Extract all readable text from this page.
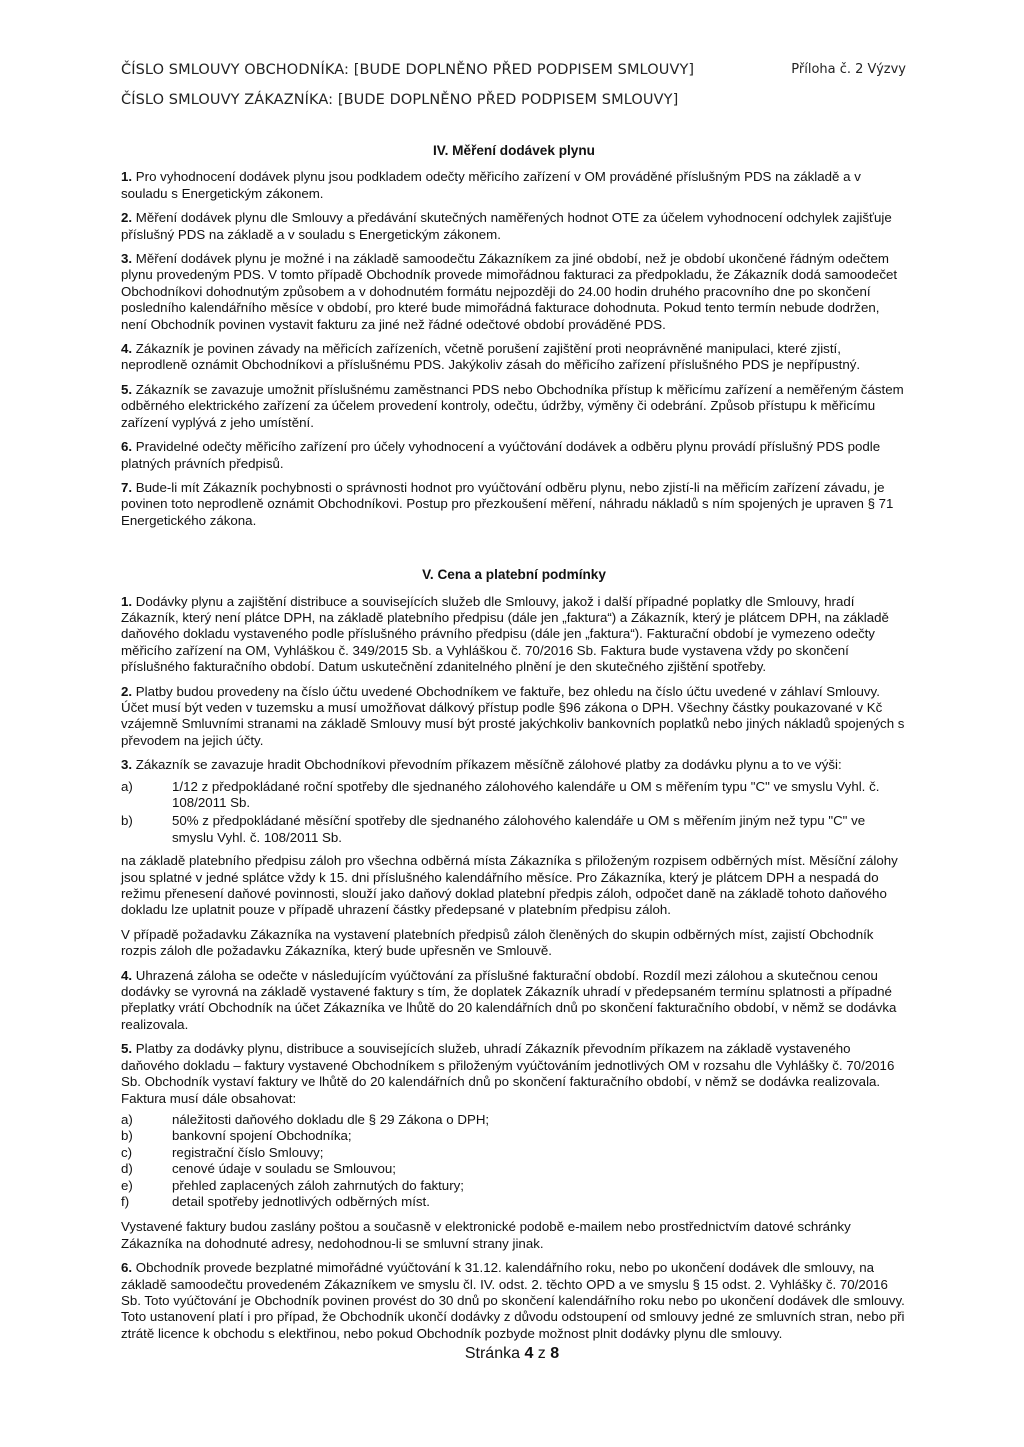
ČÍSLO SMLOUVY OBCHODNÍKA: [BUDE DOPLNĚNO PŘED PODPISEM SMLOUVY]
ČÍSLO SMLOUVY ZÁKAZNÍKA: [BUDE DOPLNĚNO PŘED PODPISEM SMLOUVY]
Příloha č. 2 Výzvy
IV. Měření dodávek plynu

1. Pro vyhodnocení dodávek plynu jsou podkladem odečty měřicího zařízení v OM prováděné příslušným PDS na základě a v souladu s Energetickým zákonem.

2. Měření dodávek plynu dle Smlouvy a předávání skutečných naměřených hodnot OTE za účelem vyhodnocení odchylek zajišťuje příslušný PDS na základě a v souladu s Energetickým zákonem.

3. Měření dodávek plynu je možné i na základě samoodečtu Zákazníkem za jiné období, než je období ukončené řádným odečtem plynu provedeným PDS. V tomto případě Obchodník provede mimořádnou fakturaci za předpokladu, že Zákazník dodá samoodečet Obchodníkovi dohodnutým způsobem a v dohodnutém formátu nejpozději do 24.00 hodin druhého pracovního dne po skončení posledního kalendářního měsíce v období, pro které bude mimořádná fakturace dohodnuta. Pokud tento termín nebude dodržen, není Obchodník povinen vystavit fakturu za jiné než řádné odečtové období prováděné PDS.

4. Zákazník je povinen závady na měřicích zařízeních, včetně porušení zajištění proti neoprávněné manipulaci, které zjistí, neprodleně oznámit Obchodníkovi a příslušnému PDS. Jakýkoliv zásah do měřicího zařízení příslušného PDS je nepřípustný.

5. Zákazník se zavazuje umožnit příslušnému zaměstnanci PDS nebo Obchodníka přístup k měřicímu zařízení a neměřeným částem odběrného elektrického zařízení za účelem provedení kontroly, odečtu, údržby, výměny či odebrání. Způsob přístupu k měřicímu zařízení vyplývá z jeho umístění.

6. Pravidelné odečty měřicího zařízení pro účely vyhodnocení a vyúčtování dodávek a odběru plynu provádí příslušný PDS podle platných právních předpisů.

7. Bude-li mít Zákazník pochybnosti o správnosti hodnot pro vyúčtování odběru plynu, nebo zjistí-li na měřicím zařízení závadu, je povinen toto neprodleně oznámit Obchodníkovi. Postup pro přezkoušení měření, náhradu nákladů s ním spojených je upraven § 71 Energetického zákona.

V. Cena a platební podmínky

1. Dodávky plynu a zajištění distribuce a souvisejících služeb dle Smlouvy, jakož i další případné poplatky dle Smlouvy, hradí Zákazník, který není plátce DPH, na základě platebního předpisu (dále jen „faktura“) a Zákazník, který je plátcem DPH, na základě daňového dokladu vystaveného podle příslušného právního předpisu (dále jen „faktura“). Fakturační období je vymezeno odečty měřicího zařízení na OM, Vyhláškou č. 349/2015 Sb. a Vyhláškou č. 70/2016 Sb. Faktura bude vystavena vždy po skončení příslušného fakturačního období. Datum uskutečnění zdanitelného plnění je den skutečného zjištění spotřeby.

2. Platby budou provedeny na číslo účtu uvedené Obchodníkem ve faktuře, bez ohledu na číslo účtu uvedené v záhlaví Smlouvy. Účet musí být veden v tuzemsku a musí umožňovat dálkový přístup podle §96 zákona o DPH. Všechny částky poukazované v Kč vzájemně Smluvními stranami na základě Smlouvy musí být prosté jakýchkoliv bankovních poplatků nebo jiných nákladů spojených s převodem na jejich účty.

3. Zákazník se zavazuje hradit Obchodníkovi převodním příkazem měsíčně zálohové platby za dodávku plynu a to ve výši:

a)	1/12 z předpokládané roční spotřeby dle sjednaného zálohového kalendáře u OM s měřením typu "C" ve smyslu Vyhl. č. 108/2011 Sb.
b)	50% z předpokládané měsíční spotřeby dle sjednaného zálohového kalendáře u OM s měřením jiným než typu "C" ve smyslu Vyhl. č. 108/2011 Sb.

na základě platebního předpisu záloh pro všechna odběrná místa Zákazníka s přiloženým rozpisem odběrných míst. Měsíční zálohy jsou splatné v jedné splátce vždy k 15. dni příslušného kalendářního měsíce. Pro Zákazníka, který je plátcem DPH a nespadá do režimu přenesení daňové povinnosti, slouží jako daňový doklad platební předpis záloh, odpočet daně na základě tohoto daňového dokladu lze uplatnit pouze v případě uhrazení částky předepsané v platebním předpisu záloh.

V případě požadavku Zákazníka na vystavení platebních předpisů záloh členěných do skupin odběrných míst, zajistí Obchodník rozpis záloh dle požadavku Zákazníka, který bude upřesněn ve Smlouvě.

4. Uhrazená záloha se odečte v následujícím vyúčtování za příslušné fakturační období. Rozdíl mezi zálohou a skutečnou cenou dodávky se vyrovná na základě vystavené faktury s tím, že doplatek Zákazník uhradí v předepsaném termínu splatnosti a případné přeplatky vrátí Obchodník na účet Zákazníka ve lhůtě do 20 kalendářních dnů po skončení fakturačního období, v němž se dodávka realizovala.

5. Platby za dodávky plynu, distribuce a souvisejících služeb, uhradí Zákazník převodním příkazem na základě vystaveného daňového dokladu – faktury vystavené Obchodníkem s přiloženým vyúčtováním jednotlivých OM v rozsahu dle Vyhlášky č. 70/2016 Sb. Obchodník vystaví faktury ve lhůtě do 20 kalendářních dnů po skončení fakturačního období, v němž se dodávka realizovala. Faktura musí dále obsahovat:

a)	náležitosti daňového dokladu dle § 29 Zákona o DPH;
b)	bankovní spojení Obchodníka;
c)	registrační číslo Smlouvy;
d)	cenové údaje v souladu se Smlouvou;
e)	přehled zaplacených záloh zahrnutých do faktury;
f)	detail spotřeby jednotlivých odběrných míst.

Vystavené faktury budou zaslány poštou a současně v elektronické podobě e-mailem nebo prostřednictvím datové schránky Zákazníka na dohodnuté adresy, nedohodnou-li se smluvní strany jinak.

6. Obchodník provede bezplatné mimořádné vyúčtování k 31.12. kalendářního roku, nebo po ukončení dodávek dle smlouvy, na základě samoodečtu provedeném Zákazníkem ve smyslu čl. IV. odst. 2. těchto OPD a ve smyslu § 15 odst. 2. Vyhlášky č. 70/2016 Sb. Toto vyúčtování je Obchodník povinen provést do 30 dnů po skončení kalendářního roku nebo po ukončení dodávek dle smlouvy. Toto ustanovení platí i pro případ, že Obchodník ukončí dodávky z důvodu odstoupení od smlouvy jedné ze smluvních stran, nebo při ztrátě licence k obchodu s elektřinou, nebo pokud Obchodník pozbyde možnost plnit dodávky plynu dle smlouvy.

Stránka 4 z 8
